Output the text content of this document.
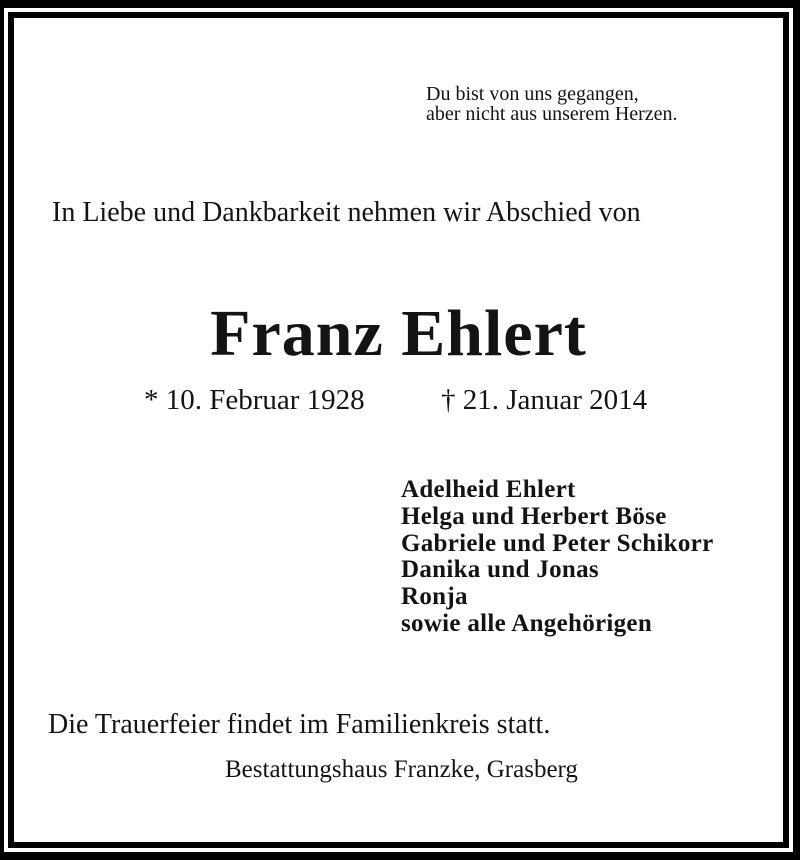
Du bist von uns gegangen,
aber nicht aus unserem Herzen.
In Liebe und Dankbarkeit nehmen wir Abschied von
Franz Ehlert
* 10. Februar 1928	† 21. Januar 2014
Adelheid Ehlert
Helga und Herbert Böse
Gabriele und Peter Schikorr
Danika und Jonas
Ronja
sowie alle Angehörigen
Die Trauerfeier findet im Familienkreis statt.
Bestattungshaus Franzke, Grasberg
